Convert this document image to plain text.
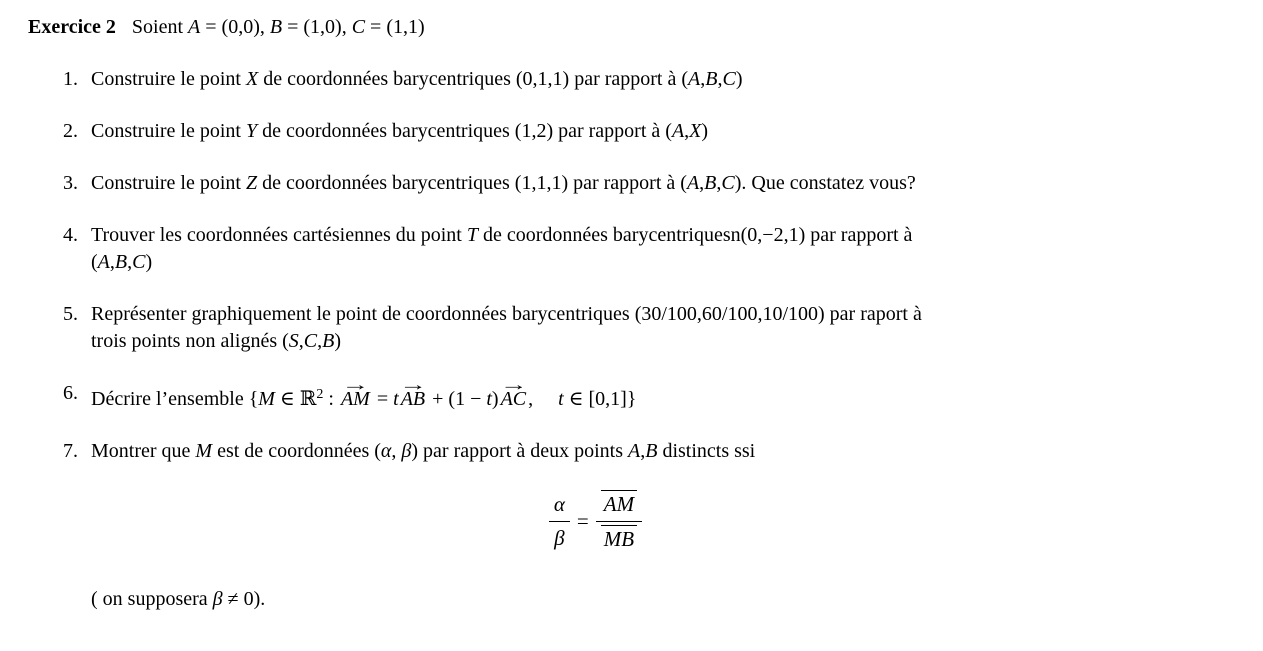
Exercice 2 Soient A = (0,0), B = (1,0), C = (1,1)

1. Construire le point X de coordonnées barycentriques (0,1,1) par rapport à (A,B,C)
2. Construire le point Y de coordonnées barycentriques (1,2) par rapport à (A,X)
3. Construire le point Z de coordonnées barycentriques (1,1,1) par rapport à (A,B,C). Que constatez vous?
4. Trouver les coordonnées cartésiennes du point T de coordonnées barycentriquesn(0,−2,1) par rapport à
(A,B,C)
5. Représenter graphiquement le point de coordonnées barycentriques (30/100,60/100,10/100) par raport à
trois points non alignés (S,C,B)
6. Décrire l’ensemble {M ∈ ℝ$^2$ : → AM = t → AB + (1 − t) → AC ,  t ∈ [0,1]}
7. Montrer que M est de coordonnées (α, β) par rapport à deux points A,B distincts ssi
$\frac{\alpha}{\beta} = \frac{AM}{MB}$

( on supposera β ≠ 0).
